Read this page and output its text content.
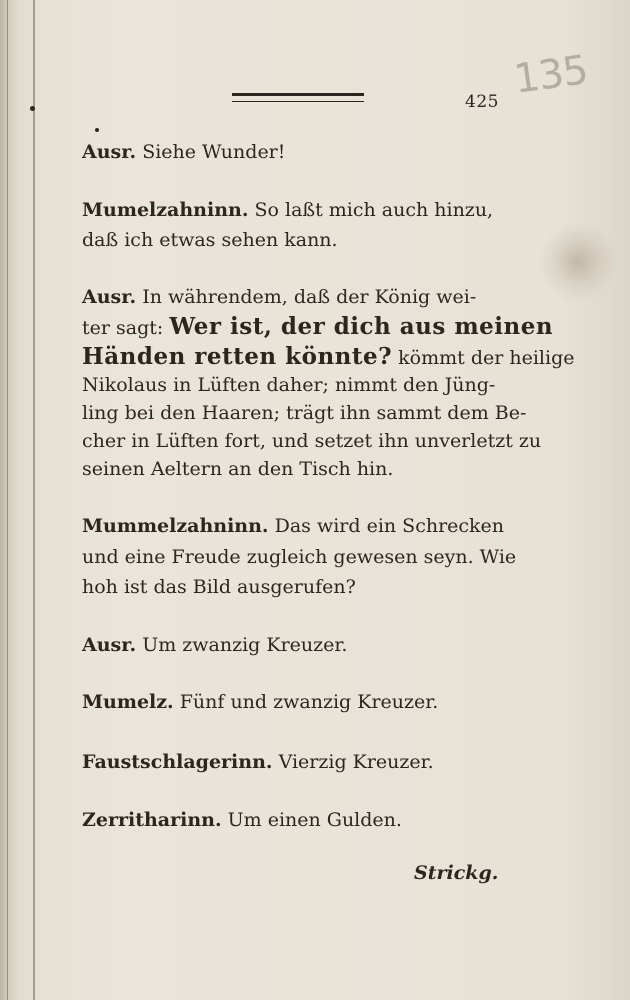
425 135
Ausr. Siehe Wunder!
Mumelzahninn. So laßt mich auch hinzu,
daß ich etwas sehen kann.
Ausr. In währendem, daß der König wei-
ter sagt: Wer ist, der dich aus meinen
Händen retten könnte? kömmt der heilige
Nikolaus in Lüften daher; nimmt den Jüng-
ling bei den Haaren; trägt ihn sammt dem Be-
cher in Lüften fort, und setzet ihn unverletzt zu
seinen Aeltern an den Tisch hin.
Mummelzahninn. Das wird ein Schrecken
und eine Freude zugleich gewesen seyn. Wie
hoh ist das Bild ausgerufen?
Ausr. Um zwanzig Kreuzer.
Mumelz. Fünf und zwanzig Kreuzer.
Faustschlagerinn. Vierzig Kreuzer.
Zerritharinn. Um einen Gulden.
Strickg.
